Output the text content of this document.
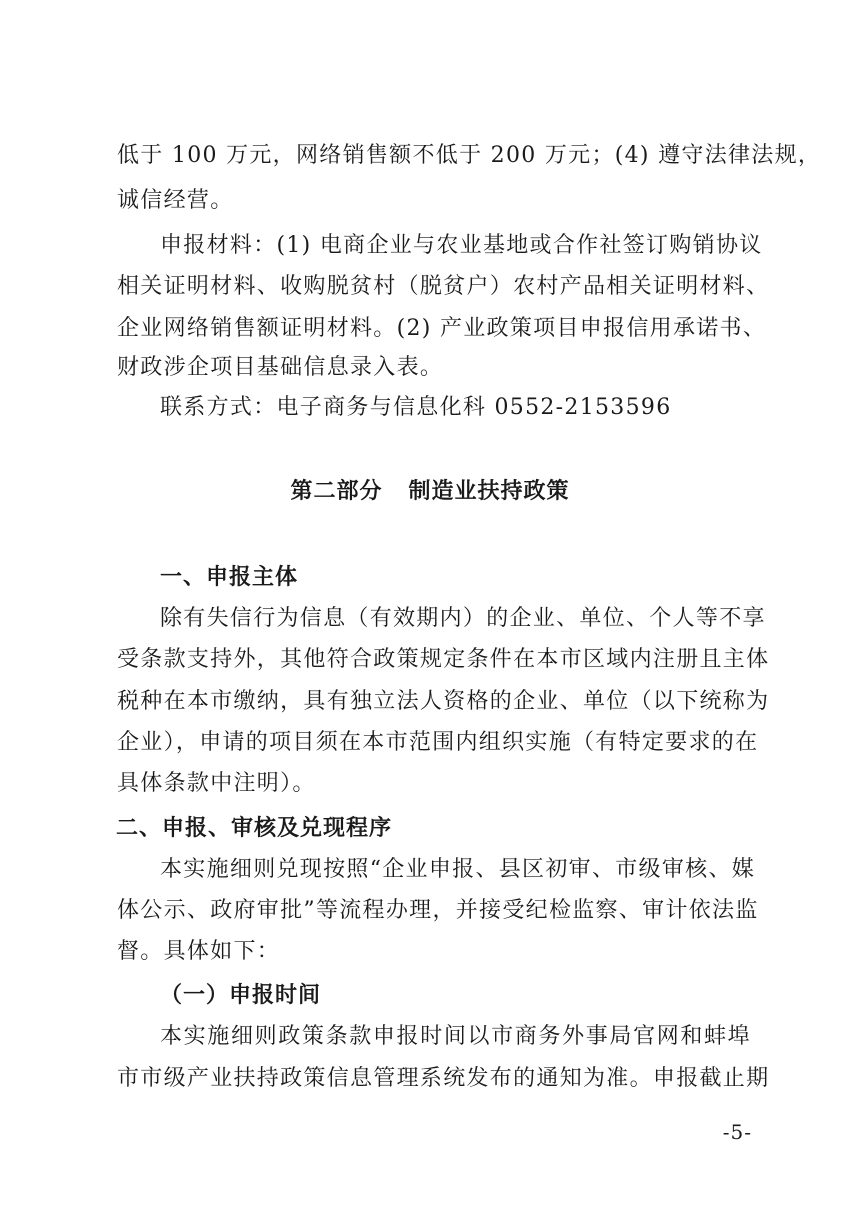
低于 100 万元，网络销售额不低于 200 万元；(4) 遵守法律法规，
诚信经营。
申报材料：(1) 电商企业与农业基地或合作社签订购销协议
相关证明材料、收购脱贫村（脱贫户）农村产品相关证明材料、
企业网络销售额证明材料。(2) 产业政策项目申报信用承诺书、
财政涉企项目基础信息录入表。
联系方式：电子商务与信息化科 0552-2153596
第二部分   制造业扶持政策
一、申报主体
除有失信行为信息（有效期内）的企业、单位、个人等不享
受条款支持外，其他符合政策规定条件在本市区域内注册且主体
税种在本市缴纳，具有独立法人资格的企业、单位（以下统称为
企业），申请的项目须在本市范围内组织实施（有特定要求的在
具体条款中注明）。
二、申报、审核及兑现程序
本实施细则兑现按照“企业申报、县区初审、市级审核、媒
体公示、政府审批”等流程办理，并接受纪检监察、审计依法监
督。具体如下：
（一）申报时间
本实施细则政策条款申报时间以市商务外事局官网和蚌埠
市市级产业扶持政策信息管理系统发布的通知为准。申报截止期
-5-
